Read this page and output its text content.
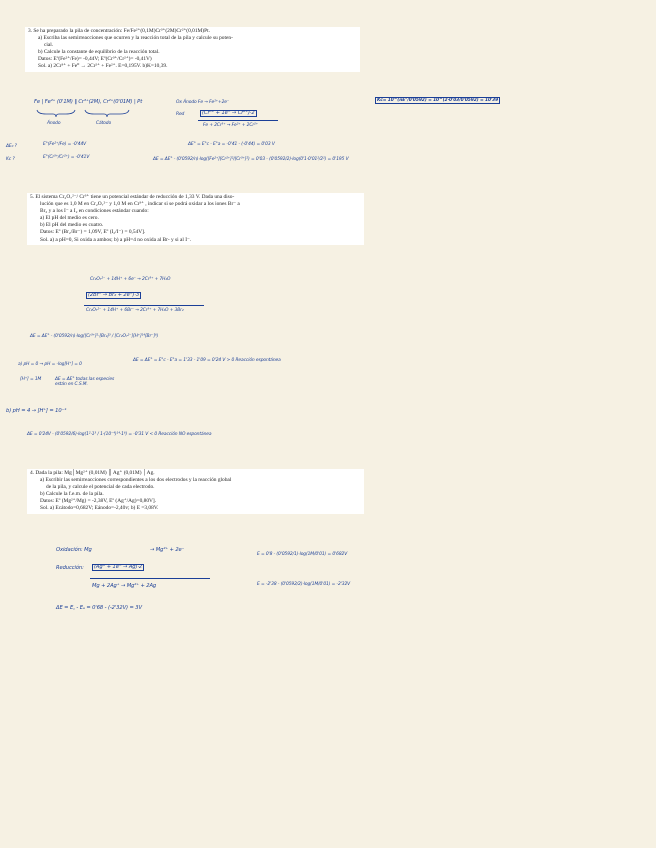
3. Se ha preparado la pila de concentración: Fe/Fe²⁺(0,1M)Cr³⁺(2M)Cr²⁺(0,01M)Pt.
a) Escriba las semirreacciones que ocurren y la reacción total de la pila y calcule su poten-
cial.
b) Calcule la constante de equilibrio de la reacción total.
Datos: Eº(Fe²⁺/Fe)= -0,44V; Eº(Cr³⁺/Cr²⁺)= -0,41V)
Sol. a) 2Cr³⁺ + Fe⁰ → 2Cr²⁺ + Fe²⁺. E=0,195V. b)K=10,39.
Fe | Fe²⁺ (0'1M) ‖ Cr³⁺(2M), Cr²⁺(0'01M) | Pt
Ánodo	Cátodo
Ox Ánodo Fe → Fe²⁺+2e⁻
Red	(Cr³⁺ + 1e⁻ → Cr²⁺)·2
Fe + 2Cr³⁺ → Fe²⁺ + 2Cr²⁺
Kc= 10^(nE°/0'0592) = 10^(2·0'03/0'0592) = 10'39
ΔE₀ ?
Kc ?
E°(Fe²⁺/Fe) = -0'44V
E°(Cr³⁺/Cr²⁺) = -0'41V
ΔE° = E°c - E°a = -0'41 - (-0'44) = 0'03 V
ΔE = ΔE° - (0'0592/n)·log([Fe²⁺][Cr²⁺]²/[Cr³⁺]²) = 0'03 - (0'0592/2)·log(0'1·0'01²/2²) = 0'195 V
5. El sistema Cr₂O₇²⁻/ Cr³⁺ tiene un potencial estándar de reducción de 1,33 V. Dada una diso-
lución que es 1,0 M en Cr₂O₇²⁻ y 1,0 M en Cr³⁺ , indicar si se podrá oxidar a los iones Br⁻ a
Br₂ y a los I⁻ a I₂ en condiciones estándar cuando:
a) El pH del medio es cero.
b) El pH del medio es cuatro.
Datos: Eº (Br₂/Br⁻) = 1,09V, Eº (I₂/I⁻) = 0,54V].
Sol. a) a pH=0, Si oxida a ambos; b) a pH=4 no oxida al Br- y si al I⁻.
Cr₂O₇²⁻ + 14H⁺ + 6e⁻ → 2Cr³⁺ + 7H₂O
(2Br⁻ → Br₂ + 2e⁻)·3
Cr₂O₇²⁻ + 14H⁺ + 6Br⁻ → 2Cr³⁺ + 7H₂O + 3Br₂
ΔE = ΔE° - (0'0592/n)·log([Cr³⁺]²·[Br₂]³ / [Cr₂O₇²⁻][H⁺]¹⁴[Br⁻]⁶)
a) pH = 0 → pH = -log[H⁺] = 0
[H⁺] = 1M	ΔE = ΔE° todas las especies están en C.S.M.
ΔE = ΔE° = E°c - E°a = 1'33 - 1'09 = 0'24 V > 0 Reacción espontánea
b) pH = 4 → [H⁺] = 10⁻⁴
ΔE = 0'24V - (0'0592/6)·log(1²·1³ / 1·(10⁻⁴)¹⁴·1⁶) = -0'31 V < 0 Reacción NO espontánea
4. Dada la pila: Mg│Mg²⁺ (0,01M) ║ Ag⁺ (0,01M) │Ag.
a) Escribir las semirreacciones correspondientes a los dos electrodos y la reacción global
de la pila, y calcule el potencial de cada electrodo.
b) Calcule la f.e.m. de la pila.
Datos: Eº (Mg²⁺/Mg) = -2,38V, Eº (Ag⁺/Ag)=0,80V].
Sol. a) Ecátodo=0,682V; Eánodo=-2,40v; b) E =3,08V.
Oxidación: Mg	→ Mg²⁺ + 2e⁻
Reducción:	(Ag⁺ + 1e⁻ → Ag)·2
Mg + 2Ag⁺ → Mg²⁺ + 2Ag
ΔE = E꜀ - Eₐ = 0'68 - (-2'32V) = 3V
E = 0'8 - (0'0592/1)·log(1M/0'01) = 0'682V
E = -2'38 - (0'0592/2)·log(1M/0'01) = -2'32V
